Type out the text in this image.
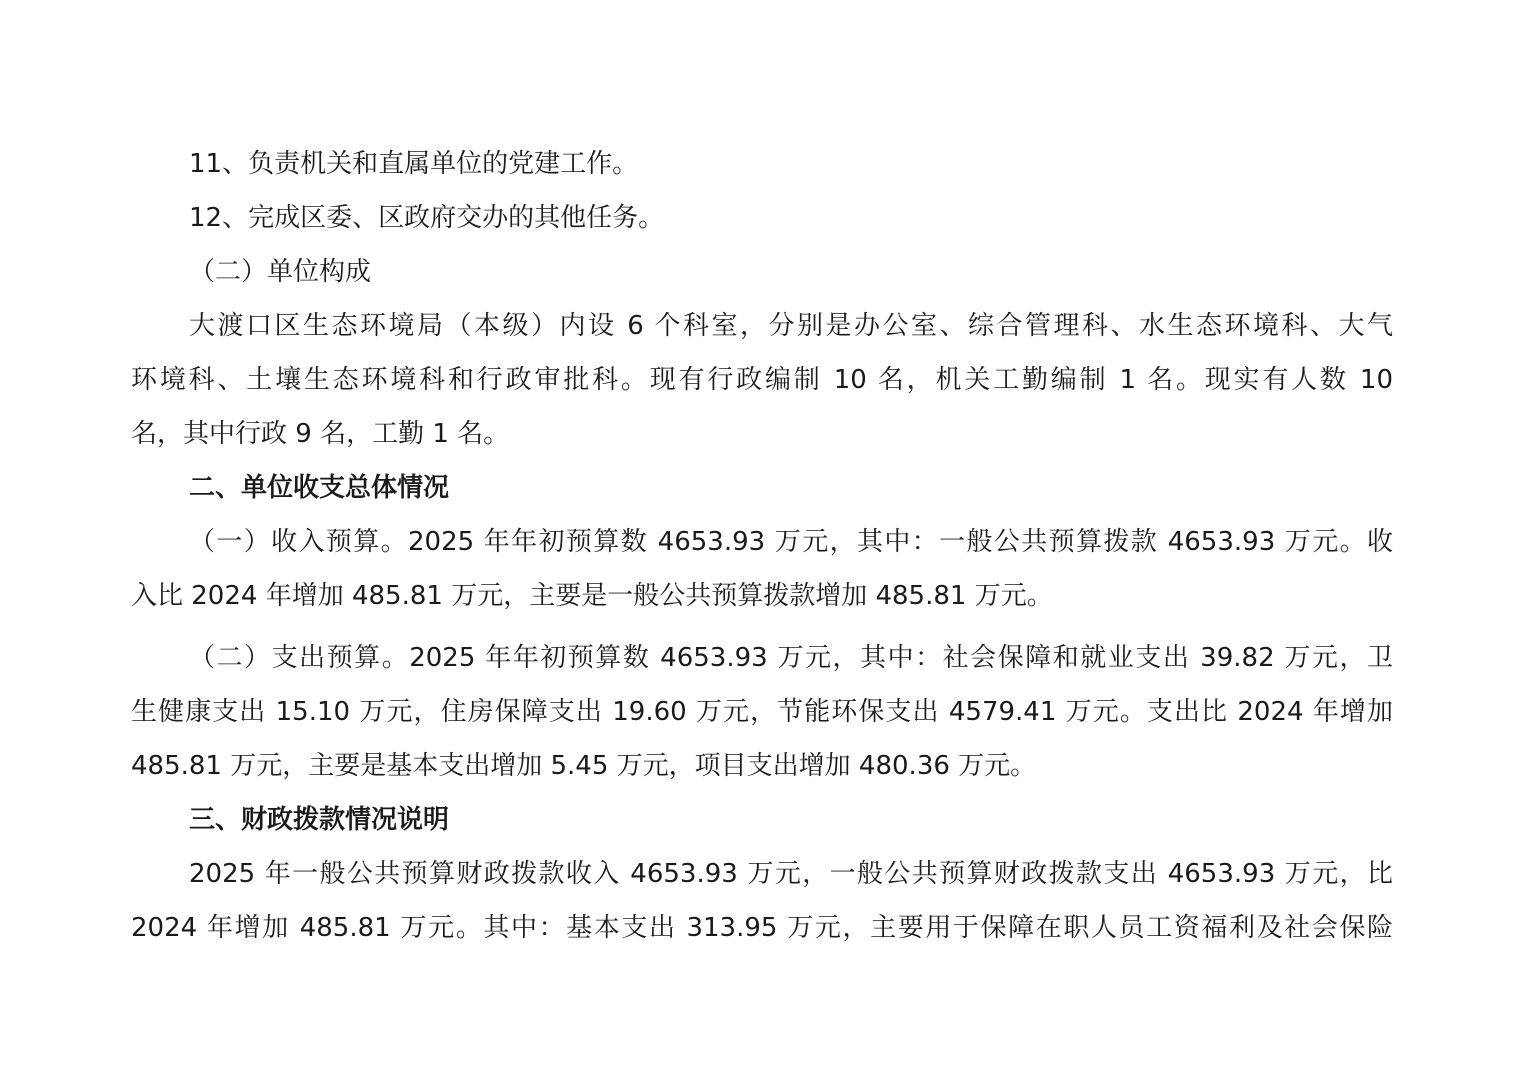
11、负责机关和直属单位的党建工作。
12、完成区委、区政府交办的其他任务。
（二）单位构成
大渡口区生态环境局（本级）内设 6 个科室，分别是办公室、综合管理科、水生态环境科、大气
环境科、土壤生态环境科和行政审批科。现有行政编制 10 名，机关工勤编制 1 名。现实有人数 10
名，其中行政 9 名，工勤 1 名。
二、单位收支总体情况
（一）收入预算。2025 年年初预算数 4653.93 万元，其中：一般公共预算拨款 4653.93 万元。收
入比 2024 年增加 485.81 万元，主要是一般公共预算拨款增加 485.81 万元。
（二）支出预算。2025 年年初预算数 4653.93 万元，其中：社会保障和就业支出 39.82 万元，卫
生健康支出 15.10 万元，住房保障支出 19.60 万元，节能环保支出 4579.41 万元。支出比 2024 年增加
485.81 万元，主要是基本支出增加 5.45 万元，项目支出增加 480.36 万元。
三、财政拨款情况说明
2025 年一般公共预算财政拨款收入 4653.93 万元，一般公共预算财政拨款支出 4653.93 万元，比
2024 年增加 485.81 万元。其中：基本支出 313.95 万元，主要用于保障在职人员工资福利及社会保险
